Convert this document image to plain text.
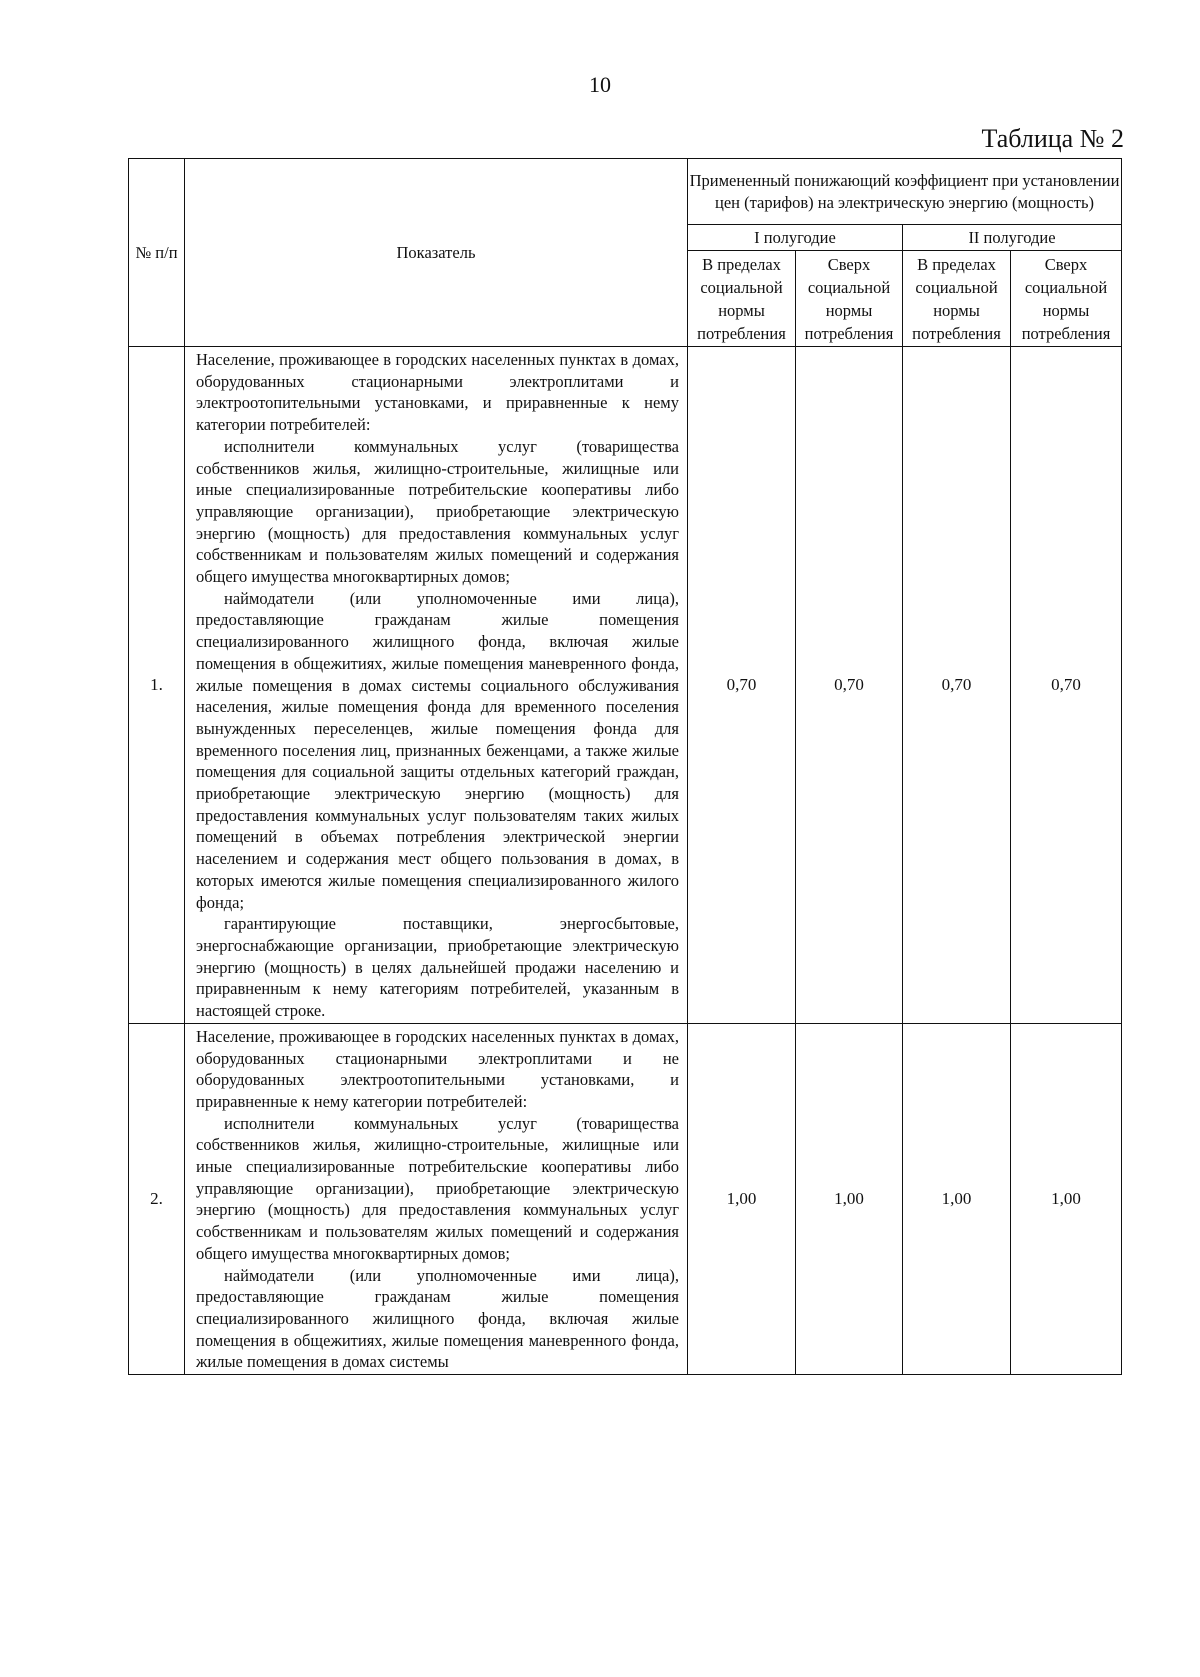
10
Таблица № 2
№ п/п	Показатель	Примененный понижающий коэффициент при установлении цен (тарифов) на электрическую энергию (мощность)			
		I полугодие		II полугодие	
		В пределах социальной нормы потребления	Сверх социальной нормы потребления	В пределах социальной нормы потребления	Сверх социальной нормы потребления
1.	Население, проживающее в городских населенных пунктах в домах, оборудованных стационарными электроплитами и электроотопительными установками, и приравненные к нему категории потребителей:

исполнители коммунальных услуг (товарищества собственников жилья, жилищно-строительные, жилищные или иные специализированные потребительские кооперативы либо управляющие организации), приобретающие электрическую энергию (мощность) для предоставления коммунальных услуг собственникам и пользователям жилых помещений и содержания общего имущества многоквартирных домов;

наймодатели (или уполномоченные ими лица), предоставляющие гражданам жилые помещения специализированного жилищного фонда, включая жилые помещения в общежитиях, жилые помещения маневренного фонда, жилые помещения в домах системы социального обслуживания населения, жилые помещения фонда для временного поселения вынужденных переселенцев, жилые помещения фонда для временного поселения лиц, признанных беженцами, а также жилые помещения для социальной защиты отдельных категорий граждан, приобретающие электрическую энергию (мощность) для предоставления коммунальных услуг пользователям таких жилых помещений в объемах потребления электрической энергии населением и содержания мест общего пользования в домах, в которых имеются жилые помещения специализированного жилого фонда;

гарантирующие поставщики, энергосбытовые, энергоснабжающие организации, приобретающие электрическую энергию (мощность) в целях дальнейшей продажи населению и приравненным к нему категориям потребителей, указанным в настоящей строке.	0,70	0,70	0,70	0,70
2.	Население, проживающее в городских населенных пунктах в домах, оборудованных стационарными электроплитами и не оборудованных электроотопительными установками, и приравненные к нему категории потребителей:

исполнители коммунальных услуг (товарищества собственников жилья, жилищно-строительные, жилищные или иные специализированные потребительские кооперативы либо управляющие организации), приобретающие электрическую энергию (мощность) для предоставления коммунальных услуг собственникам и пользователям жилых помещений и содержания общего имущества многоквартирных домов;

наймодатели (или уполномоченные ими лица), предоставляющие гражданам жилые помещения специализированного жилищного фонда, включая жилые помещения в общежитиях, жилые помещения маневренного фонда, жилые помещения в домах системы	1,00	1,00	1,00	1,00
